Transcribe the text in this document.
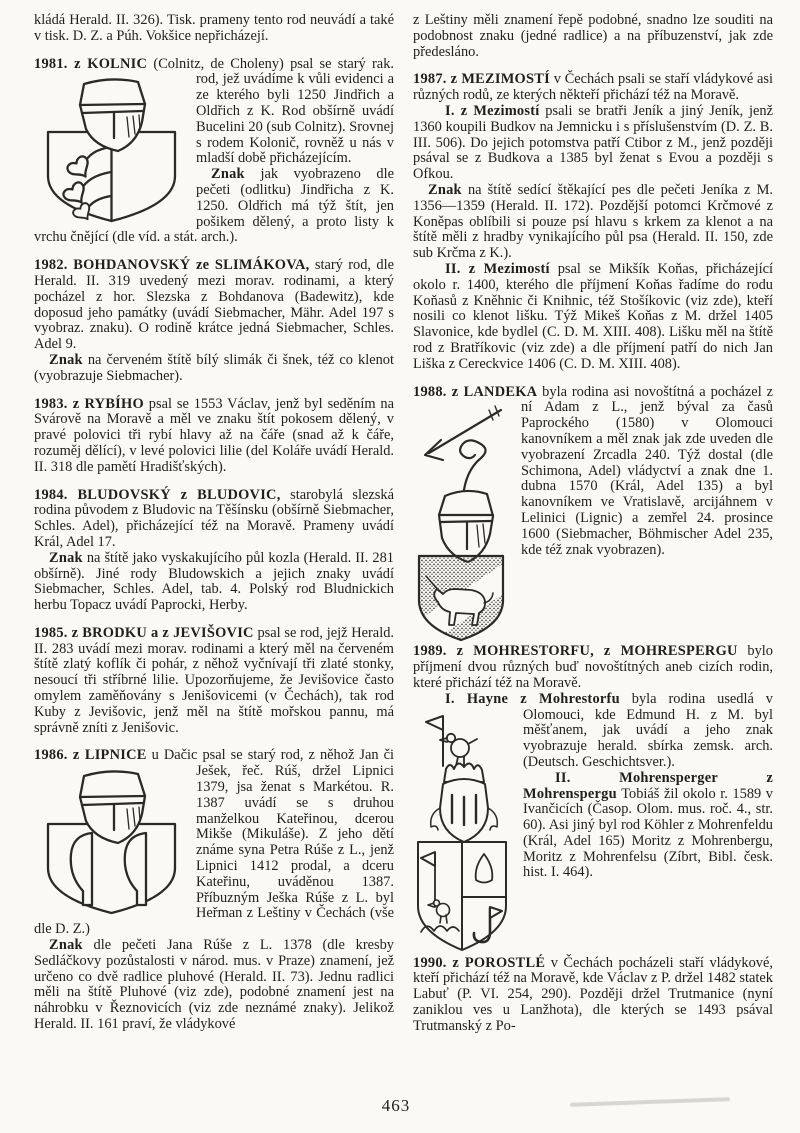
kládá Herald. II. 326). Tisk. prameny tento rod neuvádí a také v tisk. D. Z. a Púh. Vokšice nepřicházejí.

1981. z KOLNIC (Colnitz, de Choleny) psal se
starý rak. rod, jež uvádíme k vůli evidenci a ze kterého byli 1250 Jindřich a Oldřich z K. Rod obšírně uvádí Bucelini 20 (sub Colnitz). Srovnej s rodem Kolonič, rovněž u nás v mladší době přicházejícím.

Znak jak vyobrazeno dle pečeti (odlitku) Jindřicha z K. 1250. Oldřich má týž štít, jen pošikem dělený, a proto listy k vrchu čnějící (dle víd. a stát. arch.).

1982. BOHDANOVSKÝ ze SLIMÁKOVA, starý rod, dle Herald. II. 319 uvedený mezi morav. rodinami, a který pocházel z hor. Slezska z Bohdanova (Badewitz), kde doposud jeho památky (uvádí Siebmacher, Mähr. Adel 197 s vyobraz. znaku). O rodině krátce jedná Siebmacher, Schles. Adel 9.

Znak na červeném štítě bílý slimák či šnek, též co klenot (vyobrazuje Siebmacher).

1983. z RYBÍHO psal se 1553 Václav, jenž byl seděním na Svárově na Moravě a měl ve znaku štít pokosem dělený, v pravé polovici tři rybí hlavy až na čáře (snad až k čáře, rozuměj dělící), v levé polovici lilie (del Koláře uvádí Herald. II. 318 dle pamětí Hradišťských).

1984. BLUDOVSKÝ z BLUDOVIC, starobylá slezská rodina původem z Bludovic na Těšínsku (obšírně Siebmacher, Schles. Adel), přicházející též na Moravě. Prameny uvádí Král, Adel 17.

Znak na štítě jako vyskakujícího půl kozla (Herald. II. 281 obšírně). Jiné rody Bludowskich a jejich znaky uvádí Siebmacher, Schles. Adel, tab. 4. Polský rod Bludnickich herbu Topacz uvádí Paprocki, Herby.

1985. z BRODKU a z JEVIŠOVIC psal se rod, jejž Herald. II. 283 uvádí mezi morav. rodinami a který měl na červeném štítě zlatý koflík či pohár, z něhož vyčnívají tři zlaté stonky, nesoucí tři stříbrné lilie. Upozorňujeme, že Jevišovice často omylem zaměňovány s Jenišovicemi (v Čechách), tak rod Kuby z Jevišovic, jenž měl na štítě mořskou pannu, má správně zníti z Jenišovic.

1986. z LIPNICE u Dačic psal se starý rod, z něhož
Jan či Ješek, řeč. Rúš, držel Lipnici 1379, jsa ženat s Markétou. R. 1387 uvádí se s druhou manželkou Kateřinou, dcerou Mikše (Mikuláše). Z jeho dětí známe syna Petra Rúše z L., jenž Lipnici 1412 prodal, a dceru Kateřinu, uváděnou 1387. Příbuzným Ješka Rúše z L. byl Heřman z Leštiny v Čechách (vše dle D. Z.)

Znak dle pečeti Jana Rúše z L. 1378 (dle kresby Sedláčkovy pozůstalosti v národ. mus. v Praze) znamení, jež určeno co dvě radlice pluhové (Herald. II. 73). Jednu radlici měli na štítě Pluhové (viz zde), podobné znamení jest na náhrobku v Řeznovicích (viz zde neznámé znaky). Jelikož Herald. II. 161 praví, že vládykové

z Leštiny měli znamení řepě podobné, snadno lze souditi na podobnost znaku (jedné radlice) a na příbuzenství, jak zde předesláno.

1987. z MEZIMOSTÍ v Čechách psali se staří vládykové asi různých rodů, ze kterých někteří přichází též na Moravě.

I. z Mezimostí psali se bratři Jeník a jiný Jeník, jenž 1360 koupili Budkov na Jemnicku i s příslušenstvím (D. Z. B. III. 506). Do jejich potomstva patří Ctibor z M., jenž později psával se z Budkova a 1385 byl ženat s Evou a později s Ofkou.

Znak na štítě sedící štěkající pes dle pečeti Jeníka z M. 1356—1359 (Herald. II. 172). Pozdější potomci Krčmové z Koněpas oblíbili si pouze psí hlavu s krkem za klenot a na štítě měli z hradby vynikajícího půl psa (Herald. II. 150, zde sub Krčma z K.).

II. z Mezimostí psal se Mikšík Koňas, přicházející okolo r. 1400, kterého dle příjmení Koňas řadíme do rodu Koňasů z Kněhnic či Knihnic, též Stošíkovic (viz zde), kteří nosili co klenot lišku. Týž Mikeš Koňas z M. držel 1405 Slavonice, kde bydlel (C. D. M. XIII. 408). Lišku měl na štítě rod z Bratříkovic (viz zde) a dle příjmení patří do nich Jan Liška z Cereckvice 1406 (C. D. M. XIII. 408).

1988. z LANDEKA byla rodina asi novoštítná a
pocházel z ní Adam z L., jenž býval za časů Paprockého (1580) v Olomouci kanovníkem a měl znak jak zde uveden dle vyobrazení Zrcadla 240. Týž dostal (dle Schimona, Adel) vládyctví a znak dne 1. dubna 1570 (Král, Adel 135) a byl kanovníkem ve Vratislavě, arcijáhnem v Lelinici (Lignic) a zemřel 24. prosince 1600 (Siebmacher, Böhmischer Adel 235, kde též znak vyobrazen).

1989. z MOHRESTORFU, z MOHRESPERGU bylo příjmení dvou různých buď novoštítných aneb cizích rodin, které přichází též na Moravě.

I. Hayne z Mohrestorfu byla rodina usedlá
v Olomouci, kde Edmund H. z M. byl měšťanem, jak uvádí a jeho znak vyobrazuje herald. sbírka zemsk. arch. (Deutsch. Geschichtsver.).

II. Mohrensperger z Mohrenspergu Tobiáš žil okolo r. 1589 v Ivančicích (Časop. Olom. mus. roč. 4., str. 60). Asi jiný byl rod Köhler z Mohrenfeldu (Král, Adel 165) Moritz z Mohrenbergu, Moritz z Mohrenfelsu (Zíbrt, Bibl. česk. hist. I. 464).

1990. z POROSTLÉ v Čechách pocházeli staří vládykové, kteří přichází též na Moravě, kde Václav z P. držel 1482 statek Labuť (P. VI. 254, 290). Později držel Trutmanice (nyní zaniklou ves u Lanžhota), dle kterých se 1493 psával Trutmanský z Po-

463
